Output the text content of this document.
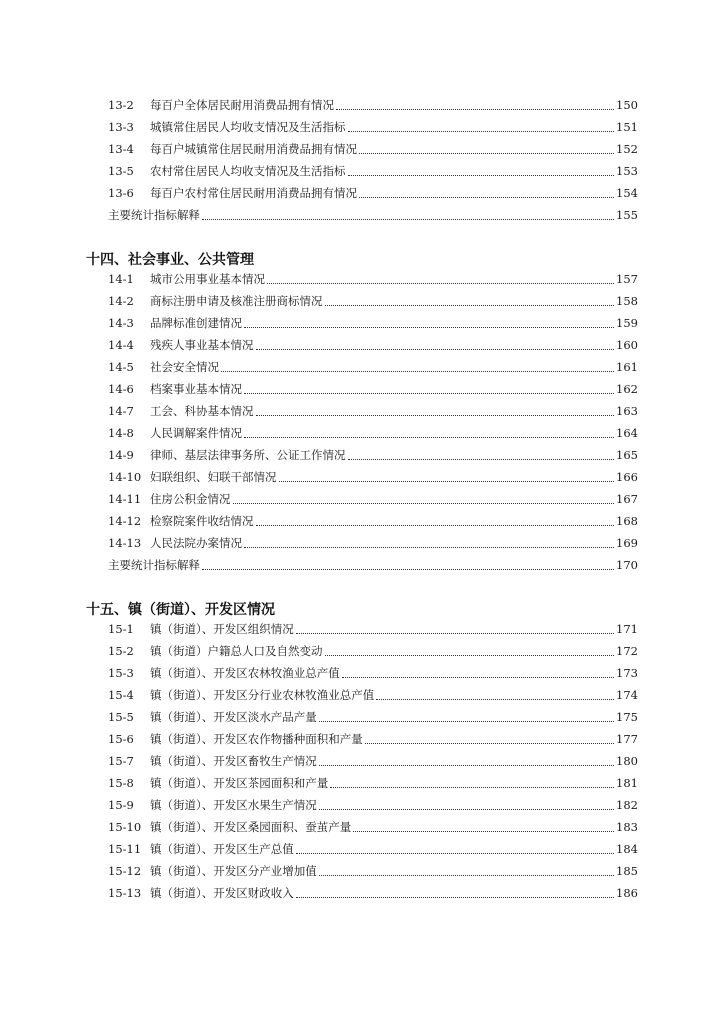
13-2	每百户全体居民耐用消费品拥有情况	150
13-3	城镇常住居民人均收支情况及生活指标	151
13-4	每百户城镇常住居民耐用消费品拥有情况	152
13-5	农村常住居民人均收支情况及生活指标	153
13-6	每百户农村常住居民耐用消费品拥有情况	154
主要统计指标解释	155
十四、社会事业、公共管理
14-1	城市公用事业基本情况	157
14-2	商标注册申请及核准注册商标情况	158
14-3	品牌标准创建情况	159
14-4	残疾人事业基本情况	160
14-5	社会安全情况	161
14-6	档案事业基本情况	162
14-7	工会、科协基本情况	163
14-8	人民调解案件情况	164
14-9	律师、基层法律事务所、公证工作情况	165
14-10 妇联组织、妇联干部情况	166
14-11 住房公积金情况	167
14-12 检察院案件收结情况	168
14-13 人民法院办案情况	169
主要统计指标解释	170
十五、镇（街道）、开发区情况
15-1	镇（街道）、开发区组织情况	171
15-2	镇（街道）户籍总人口及自然变动	172
15-3	镇（街道）、开发区农林牧渔业总产值	173
15-4	镇（街道）、开发区分行业农林牧渔业总产值	174
15-5	镇（街道）、开发区淡水产品产量	175
15-6	镇（街道）、开发区农作物播种面积和产量	177
15-7	镇（街道）、开发区畜牧生产情况	180
15-8	镇（街道）、开发区茶园面积和产量	181
15-9	镇（街道）、开发区水果生产情况	182
15-10 镇（街道）、开发区桑园面积、蚕茧产量	183
15-11 镇（街道）、开发区生产总值	184
15-12 镇（街道）、开发区分产业增加值	185
15-13 镇（街道）、开发区财政收入	186
